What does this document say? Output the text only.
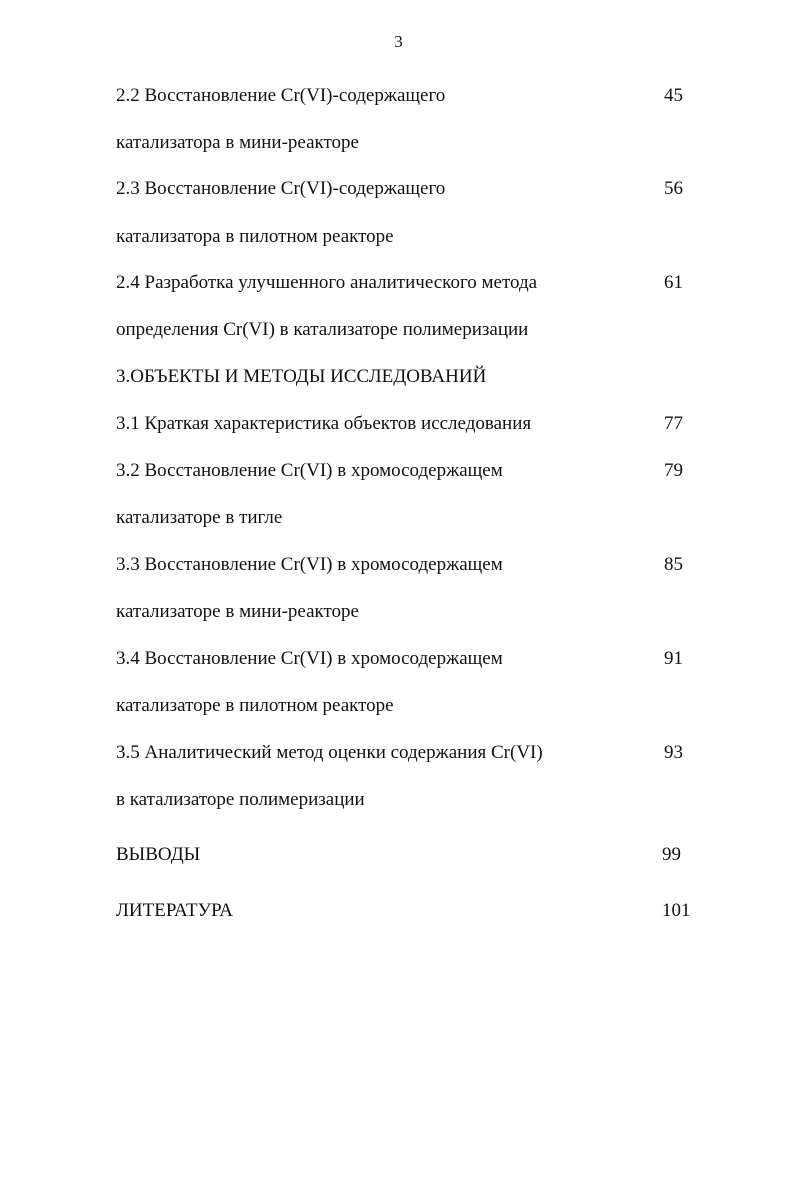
3
2.2 Восстановление Cr(VI)-содержащего	45
катализатора в мини-реакторе
2.3 Восстановление Cr(VI)-содержащего	56
катализатора в пилотном реакторе
2.4 Разработка улучшенного аналитического метода	61
определения Cr(VI) в катализаторе полимеризации
3.ОБЪЕКТЫ И МЕТОДЫ ИССЛЕДОВАНИЙ
3.1 Краткая характеристика объектов исследования	77
3.2 Восстановление Cr(VI) в хромосодержащем	79
катализаторе в тигле
3.3 Восстановление Cr(VI) в хромосодержащем	85
катализаторе в мини-реакторе
3.4 Восстановление Cr(VI) в хромосодержащем	91
катализаторе в пилотном реакторе
3.5 Аналитический метод оценки содержания Cr(VI)	93
в катализаторе полимеризации
ВЫВОДЫ	99
ЛИТЕРАТУРА	101
